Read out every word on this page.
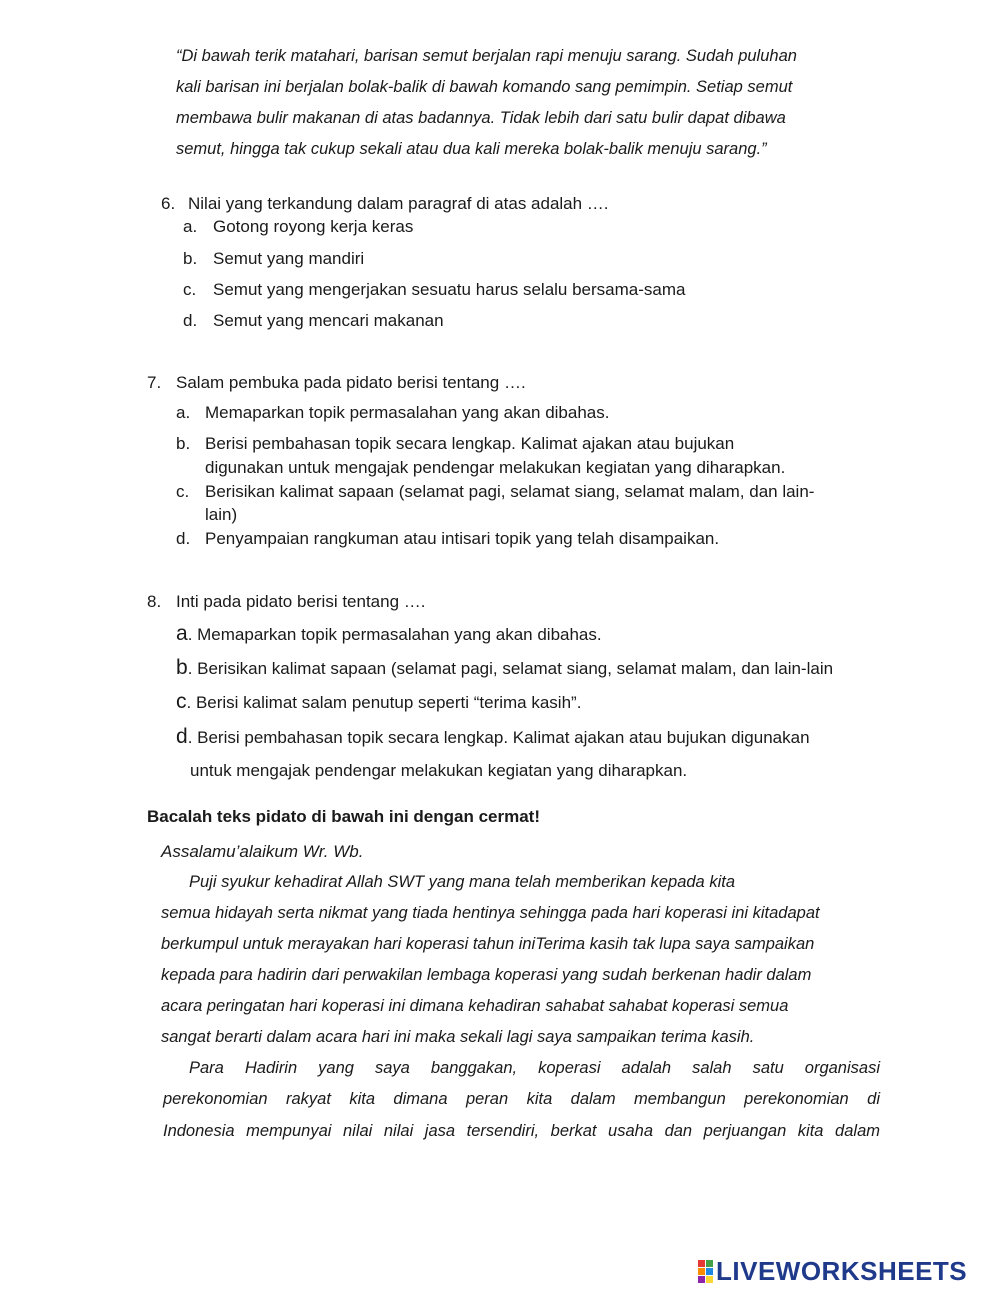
“Di bawah terik matahari, barisan semut berjalan rapi menuju sarang. Sudah puluhan
kali barisan ini berjalan bolak-balik di bawah komando sang pemimpin. Setiap semut
membawa bulir makanan di atas badannya. Tidak lebih dari satu bulir dapat dibawa
semut, hingga tak cukup sekali atau dua kali mereka bolak-balik menuju sarang.”
6. Nilai yang terkandung dalam paragraf di atas adalah ….
a. Gotong royong kerja keras
b. Semut yang mandiri
c. Semut yang mengerjakan sesuatu harus selalu bersama-sama
d. Semut yang mencari makanan
7. Salam pembuka pada pidato berisi tentang ….
a. Memaparkan topik permasalahan yang akan dibahas.
b. Berisi pembahasan topik secara lengkap. Kalimat ajakan atau bujukan
digunakan untuk mengajak pendengar melakukan kegiatan yang diharapkan.
c. Berisikan kalimat sapaan (selamat pagi, selamat siang, selamat malam, dan lain-
lain)
d. Penyampaian rangkuman atau intisari topik yang telah disampaikan.
8. Inti pada pidato berisi tentang ….
a. Memaparkan topik permasalahan yang akan dibahas.
b. Berisikan kalimat sapaan (selamat pagi, selamat siang, selamat malam, dan lain-lain
c. Berisi kalimat salam penutup seperti “terima kasih”.
d. Berisi pembahasan topik secara lengkap. Kalimat ajakan atau bujukan digunakan
untuk mengajak pendengar melakukan kegiatan yang diharapkan.
Bacalah teks pidato di bawah ini dengan cermat!
Assalamu’alaikum Wr. Wb.
Puji syukur kehadirat Allah SWT yang mana telah memberikan kepada kita
semua hidayah serta nikmat yang tiada hentinya sehingga pada hari koperasi ini kitadapat
berkumpul untuk merayakan hari koperasi tahun iniTerima kasih tak lupa saya sampaikan
kepada para hadirin dari perwakilan lembaga koperasi yang sudah berkenan hadir dalam
acara peringatan hari koperasi ini dimana kehadiran sahabat sahabat koperasi semua
sangat berarti dalam acara hari ini maka sekali lagi saya sampaikan terima kasih.
Para Hadirin yang saya banggakan, koperasi adalah salah satu organisasi
perekonomian rakyat kita dimana peran kita dalam membangun perekonomian di
Indonesia mempunyai nilai nilai jasa tersendiri, berkat usaha dan perjuangan kita dalam
LIVEWORKSHEETS
